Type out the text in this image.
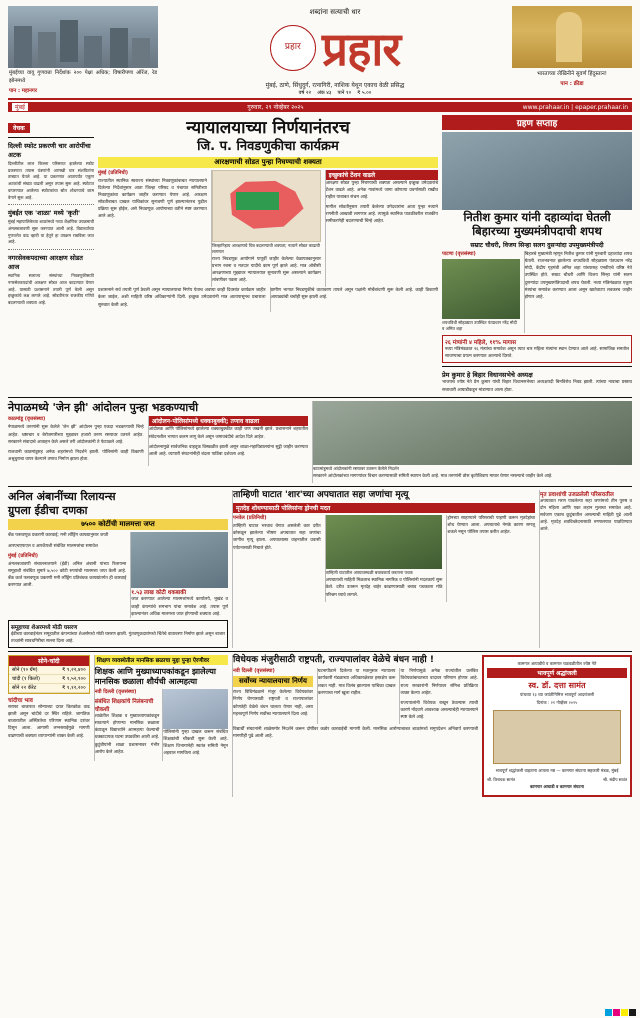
मुंबईच्या वायू गुणवत्ता निर्देशांक २०० पेक्षा अधिक; विषारीपणा ऑरेंज, रेड झोनमध्ये
पान : महानगर
शब्दांना सत्याची धार
प्रहार प्रहार
मुंबई, ठाणे, सिंधुदुर्ग, रत्नागिरी, नाशिक येथून एकाच वेळी प्रसिद्ध
वर्ष २२ अंक ४३ पाने १० ₹ ५.००
भारताच्या लेखिनीने सुवर्ण हिंदुस्तान!
पान : क्रीडा
मुंबई	गुरुवार, २९ नोव्हेंबर २०२५	www.prahaar.in | epaper.prahaar.in
वेचक
दिल्ली स्फोट प्रकरणी चार आरोपींचा अटक
दिल्लीतील लाल किल्ला परिसरात झालेल्या स्फोट प्रकरणात तपास यंत्रणांनी आणखी चार संशयितांना ताब्यात घेतले आहे. या प्रकरणात आतापर्यंत एकूण अटकांची संख्या वाढली असून तपास सुरू आहे. स्फोटात वापरण्यात आलेल्या स्फोटकांचा स्रोत शोधण्याचे काम वेगाने सुरू आहे.
मुंबईत एक 'शाळा' मध्ये 'कृती'
मुंबई महापालिकेच्या शाळांमध्ये नव्या शैक्षणिक उपक्रमाची अंमलबजावणी सुरू करण्यात आली आहे. विद्यार्थ्यांच्या गुणवत्तेत वाढ व्हावी या हेतूने हा उपक्रम राबविला जात आहे.
नगरसेवकपदाच्या आरक्षण सोडत आज
स्थानिक स्वराज्य संस्थांच्या निवडणुकीसाठी नगरसेवकपदांची आरक्षण सोडत आज काढण्यात येणार आहे. यासाठी प्रशासनाने तयारी पूर्ण केली असून इच्छुकांचे लक्ष लागले आहे. सोडतीनंतर राजकीय गणिते बदलण्याची शक्यता आहे.
न्यायालयाच्या निर्णयानंतरच
जि. प. निवडणुकीचा कार्यक्रम
आरक्षणाची सोडत पुन्हा निघण्याची शक्यता
मुंबई (प्रतिनिधी)

राज्यातील स्थानिक स्वराज्य संस्थांच्या निवडणुकांबाबत न्यायालयाने दिलेल्या निर्देशांनुसार आता जिल्हा परिषद व पंचायत समितीच्या निवडणुकांचा कार्यक्रम जाहीर करण्यात येणार आहे. आरक्षण सोडतीबाबत दाखल याचिकांवर सुनावणी पूर्ण झाल्यानंतरच पुढील प्रक्रिया सुरू होईल, असे निवडणूक आयोगाच्या वतीने स्पष्ट करण्यात आले आहे.

जिल्हानिहाय आरक्षणाचे चित्र बदलण्याची शक्यता; नव्याने सोडत काढावी लागणार

राज्य निवडणूक आयोगाने यापूर्वी जाहीर केलेल्या वेळापत्रकानुसार प्रभाग रचना व मतदार यादीचे काम पूर्ण झाले आहे. मात्र ओबीसी आरक्षणाच्या मुद्द्यावर न्यायालयात सुनावणी सुरू असल्याने कार्यक्रम लांबणीवर पडला आहे.

इच्छुकांचे टेंशन वाढले

आरक्षण सोडत पुन्हा निघण्याची शक्यता असल्याने इच्छुक उमेदवारांचे टेंशन वाढले आहे. अनेक गावांमध्ये जागा कोणत्या प्रवर्गासाठी राखीव राहील याबाबत संभ्रम आहे.

मागील सोडतीनुसार तयारी केलेल्या उमेदवारांना आता पुन्हा नव्याने रणनीती आखावी लागणार आहे. त्यामुळे स्थानिक पातळीवरील राजकीय समीकरणेही बदलण्याची चिन्हे आहेत.

प्रशासनाने सर्व तयारी पूर्ण ठेवली असून न्यायालयाचा निर्णय येताच अवघ्या काही दिवसांत कार्यक्रम जाहीर केला जाईल, अशी माहिती वरिष्ठ अधिकाऱ्यांनी दिली. इच्छुक उमेदवारांनी मात्र आतापासूनच प्रचाराला सुरुवात केली आहे.

ग्रामीण भागात निवडणुकीचे वातावरण तापले असून पक्षांनी मोर्चेबांधणी सुरू केली आहे. काही ठिकाणी आघाड्यांची चर्चाही सुरू झाली आहे.

ग्रहण सप्ताह
नितीश कुमार यांनी दहाव्यांदा घेतली
बिहारच्या मुख्यमंत्रीपदाची शपथ
सम्राट चौधरी, विजय सिन्हा सलग दुसऱ्यांदा उपमुख्यमंत्रीपदी
पाटणा (वृत्तसंस्था)
शपथविधी सोहळ्यात उपस्थित पंतप्रधान नरेंद्र मोदी व अमित शहा

बिहारचे मुख्यमंत्री म्हणून नितीश कुमार यांनी गुरुवारी दहाव्यांदा शपथ घेतली. राजभवनात झालेल्या शपथविधी सोहळ्यास पंतप्रधान नरेंद्र मोदी, केंद्रीय गृहमंत्री अमित शहा यांच्यासह एनडीएचे वरिष्ठ नेते उपस्थित होते. सम्राट चौधरी आणि विजय सिन्हा यांनी सलग दुसऱ्यांदा उपमुख्यमंत्रिपदाची शपथ घेतली. नव्या मंत्रिमंडळात एकूण मंत्र्यांचा समावेश करण्यात आला असून खातेवाटप लवकरच जाहीर होणार आहे.

२६ मंत्र्यांनी ४ महिले, ११% मागास
नव्या मंत्रिमंडळात २६ मंत्र्यांचा समावेश असून त्यात चार महिला मंत्र्यांना स्थान देण्यात आले आहे. सामाजिक समतोल साधण्याचा प्रयत्न करण्यात आल्याचे दिसते.
प्रेम कुमार हे बिहार विधानसभेचे अध्यक्ष
भाजपचे ज्येष्ठ नेते प्रेम कुमार यांची बिहार विधानसभेच्या अध्यक्षपदी बिनविरोध निवड झाली. त्यांच्या नावाचा प्रस्ताव सत्ताधारी आघाडीकडून मांडण्यात आला होता.
नेपाळमध्ये 'जेन झी' आंदोलन पुन्हा भडकण्याची
काठमांडू (वृत्तसंस्था)

नेपाळमध्ये तरुणांनी सुरू केलेले 'जेन झी' आंदोलन पुन्हा एकदा भडकण्याची चिन्हे आहेत. भ्रष्टाचार व बेरोजगारीच्या मुद्द्यावर हजारो तरुण रस्त्यावर उतरले आहेत. सरकारने संवादाचे आवाहन केले असले तरी आंदोलकांनी ते फेटाळले आहे.

राजधानी काठमांडूसह अनेक शहरांमध्ये निदर्शने झाली. पोलिसांनी काही ठिकाणी अश्रुधुराचा वापर केल्याने तणाव निर्माण झाला होता.

आंदोलन-पोलिसांमध्ये धक्काबुक्की; तणाव वाढला

आंदोलक आणि पोलिसांमध्ये झालेल्या धक्काबुक्कीत काही जण जखमी झाले. प्रशासनाने शहरातील संवेदनशील भागात कलम लागू केले असून जमावबंदीचे आदेश दिले आहेत.

आंदोलनामुळे सार्वजनिक वाहतूक विस्कळीत झाली असून शाळा-महाविद्यालयांना सुट्टी जाहीर करण्यात आली आहे. व्यापारी संघटनांनीही बंदला पाठिंबा दर्शवला आहे.

काठमांडूमध्ये आंदोलकांनी रस्त्यावर उतरून केलेले निदर्शन

सरकारने आंदोलकांच्या मागण्यांवर विचार करण्यासाठी समिती स्थापन केली आहे. मात्र तरुणांनी ठोस कृतीशिवाय माघार घेणार नसल्याचे जाहीर केले आहे.

अनिल अंबानींच्या रिलायन्स
ग्रुपला ईडीचा दणका
७५०० कोटींची मालमत्ता जप्त

बँक फसवणूक प्रकरणी कारवाई; मनी लाँड्रिंग कायद्यानुसार जप्ती

आरएचएफएल व आरकॅपशी संबंधित मालमत्तांचा समावेश

मुंबई (प्रतिनिधी)

अंमलबजावणी संचालनालयाने (ईडी) अनिल अंबानी यांच्या रिलायन्स समूहाशी संबंधित सुमारे ७,५०० कोटी रुपयांची मालमत्ता जप्त केली आहे. बँक कर्ज फसवणूक प्रकरणी मनी लाँड्रिंग प्रतिबंधक कायद्यांतर्गत ही कारवाई करण्यात आली.

१.५३ लाख कोटी थकबाकी
जप्त करण्यात आलेल्या मालमत्तांमध्ये कार्यालये, भूखंड व काही कंपन्यांचे समभाग यांचा समावेश आहे. तपास पूर्ण झाल्यानंतर अधिक मालमत्ता जप्त होण्याची शक्यता आहे.
समूहाच्या शेअरमध्ये मोठी घसरण
ईडीच्या कारवाईनंतर समूहातील कंपन्यांच्या शेअर्समध्ये मोठी घसरण झाली. गुंतवणूकदारांमध्ये चिंतेचे वातावरण निर्माण झाले असून बाजार तज्ज्ञांनी सावधगिरीचा सल्ला दिला आहे.
ताम्हिणी घाटात 'शार'च्या अपघातात सहा जणांचा मृत्यू
मृतदेह शोधण्यासाठी पोलिसांना ड्रोनची मदत
पनवेल (प्रतिनिधी)

ताम्हिणी घाटात भरधाव वेगात असलेली कार दरीत कोसळून झालेल्या भीषण अपघातात सहा जणांचा जागीच मृत्यू झाला. अपघातग्रस्त वाहनातील प्रवासी पर्यटनासाठी निघाले होते.

ताम्हिणी घाटातील अपघातस्थळी बचावकार्य करताना पथक

अपघाताची माहिती मिळताच स्थानिक नागरिक व पोलिसांनी मदतकार्य सुरू केले. दरीत उतरून मृतदेह बाहेर काढण्यासाठी बचाव पथकाला मोठे परिश्रम घ्यावे लागले.

ड्रोनच्या साहाय्याने परिसराची पाहणी करून मृतदेहांचा शोध घेण्यात आला. अपघाताचे नेमके कारण समजू शकले नसून पोलिस तपास करीत आहेत.

मृत प्रवाशांची उजळलेली परिसरातील
अपघातात मरण पावलेल्या सहा जणांमध्ये तीन पुरुष व दोन महिला आणि एका लहान मुलाचा समावेश आहे. सर्वजण एकाच कुटुंबातील असल्याची माहिती पुढे आली आहे. मृतदेह शवविच्छेदनासाठी रुग्णालयात पाठविण्यात आले.
सोने-चांदी
सोने (१० ग्रॅम)	₹ १,२२,४००
चांदी (१ किलो)	₹ १,५२,९००
सोने २२ कॅरेट	₹ १,१२,२००
चांदीचा भाव
सराफा बाजारात सोन्याच्या दरात किरकोळ वाढ झाली असून चांदीचे दर स्थिर राहिले. जागतिक बाजारातील अस्थिरतेचा परिणाम स्थानिक दरांवर दिसून आला. आगामी लग्नसराईमुळे मागणी वाढण्याची शक्यता व्यापाऱ्यांनी व्यक्त केली आहे.
शिक्षण व्यवस्थेतील मानसिक छळाचा मुद्दा पुन्हा ऐरणीवर
शिक्षक आणि मुख्याध्यापकांकडून झालेल्या मानसिक छळाला शौर्यची आत्महत्या
नवी दिल्ली (वृत्तसंस्था)
संबंधित शिक्षकांचे निलंबनाची चौकशी

शाळेतील शिक्षक व मुख्याध्यापकांकडून सातत्याने होणाऱ्या मानसिक छळाला कंटाळून विद्यार्थ्याने आत्महत्या केल्याची धक्कादायक घटना उघडकीस आली आहे. कुटुंबीयांनी शाळा प्रशासनावर गंभीर आरोप केले आहेत.

पोलिसांनी गुन्हा दाखल करून संबंधित शिक्षकांची चौकशी सुरू केली आहे. शिक्षण विभागानेही स्वतंत्र समिती नेमून अहवाल मागविला आहे.

विधेयक मंजुरीसाठी राष्ट्रपती, राज्यपालांवर वेळेचे बंधन नाही !
नवी दिल्ली (वृत्तसंस्था)
सर्वोच्च न्यायालयाचा निर्णय

राज्य विधिमंडळाने मंजूर केलेल्या विधेयकांवर निर्णय घेण्यासाठी राष्ट्रपती व राज्यपालांवर कोणतेही वेळेचे बंधन घालता येणार नाही, असा महत्त्वपूर्ण निर्णय सर्वोच्च न्यायालयाने दिला आहे.

घटनापीठाने दिलेल्या या मतानुसार न्यायालय कार्यकारी मंडळाच्या अधिकारक्षेत्रात हस्तक्षेप करू शकत नाही. मात्र विलंब झाल्यास याचिका दाखल करण्याचा मार्ग खुला राहील.

या निर्णयामुळे अनेक राज्यांतील प्रलंबित विधेयकांबाबतच्या वादावर परिणाम होणार आहे. राज्य सरकारांनी निर्णयावर संमिश्र प्रतिक्रिया व्यक्त केल्या आहेत.

राज्यपालांनी विधेयक राखून ठेवल्यास त्याची कारणे नोंदवणे आवश्यक असल्याचेही न्यायालयाने स्पष्ट केले आहे.

विद्यार्थी संघटनांनी शाळेसमोर निदर्शने करून दोषींवर कठोर कारवाईची मागणी केली. मानसिक आरोग्याबाबत शाळांमध्ये समुपदेशन अनिवार्य करण्याची मागणीही पुढे आली आहे.

कामगार आघाडीचे व कामगार चळवळीतील ज्येष्ठ नेते
भावपूर्ण श्रद्धांजली
स्व. डॉ. दत्ता सामंत
पांचव्या १३ व्या जयंतीनिमित्त भावपूर्ण आदरांजली
दिनांक : २१ नोव्हेंबर २०२५
भावपूर्ण श्रद्धांजली वाहताना आपला नम्र — कामगार संघटना सहकारी मंडळ, मुंबई
श्री. विनायक सामंत	श्री. संदीप सावंत
कामगार आघाडी व कामगार संघटना
